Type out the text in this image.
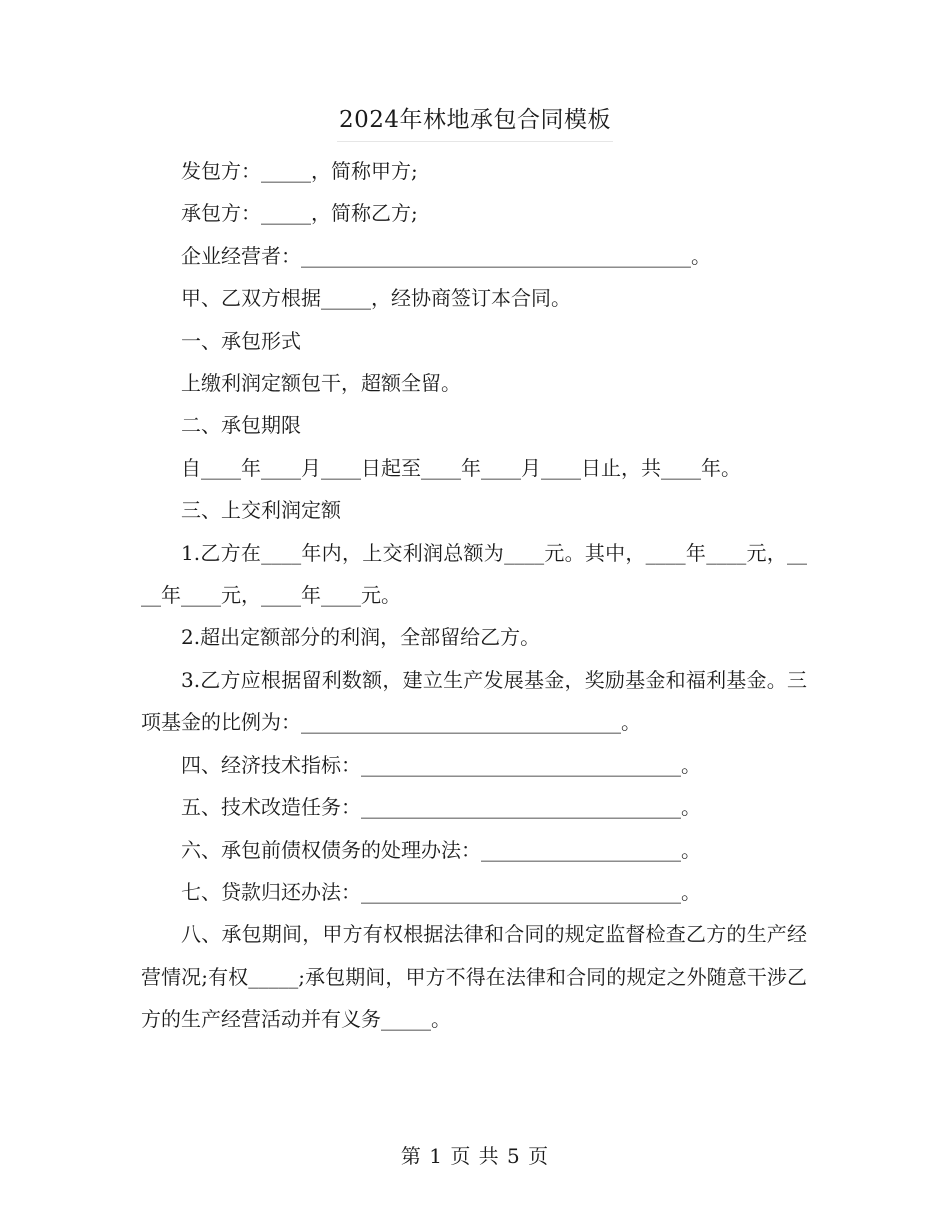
2024年林地承包合同模板

发包方：_____，简称甲方;

承包方：_____，简称乙方;

企业经营者：_______________________________________。

甲、乙双方根据_____，经协商签订本合同。

一、承包形式

上缴利润定额包干，超额全留。

二、承包期限

自____年____月____日起至____年____月____日止，共____年。

三、上交利润定额

1.乙方在____年内，上交利润总额为____元。其中，____年____元，____年____元，____年____元。

2.超出定额部分的利润，全部留给乙方。

3.乙方应根据留利数额，建立生产发展基金，奖励基金和福利基金。三项基金的比例为：________________________________。

四、经济技术指标：________________________________。

五、技术改造任务：________________________________。

六、承包前债权债务的处理办法：____________________。

七、贷款归还办法：________________________________。

八、承包期间，甲方有权根据法律和合同的规定监督检查乙方的生产经营情况;有权_____;承包期间，甲方不得在法律和合同的规定之外随意干涉乙方的生产经营活动并有义务_____。

第 1 页 共 5 页
